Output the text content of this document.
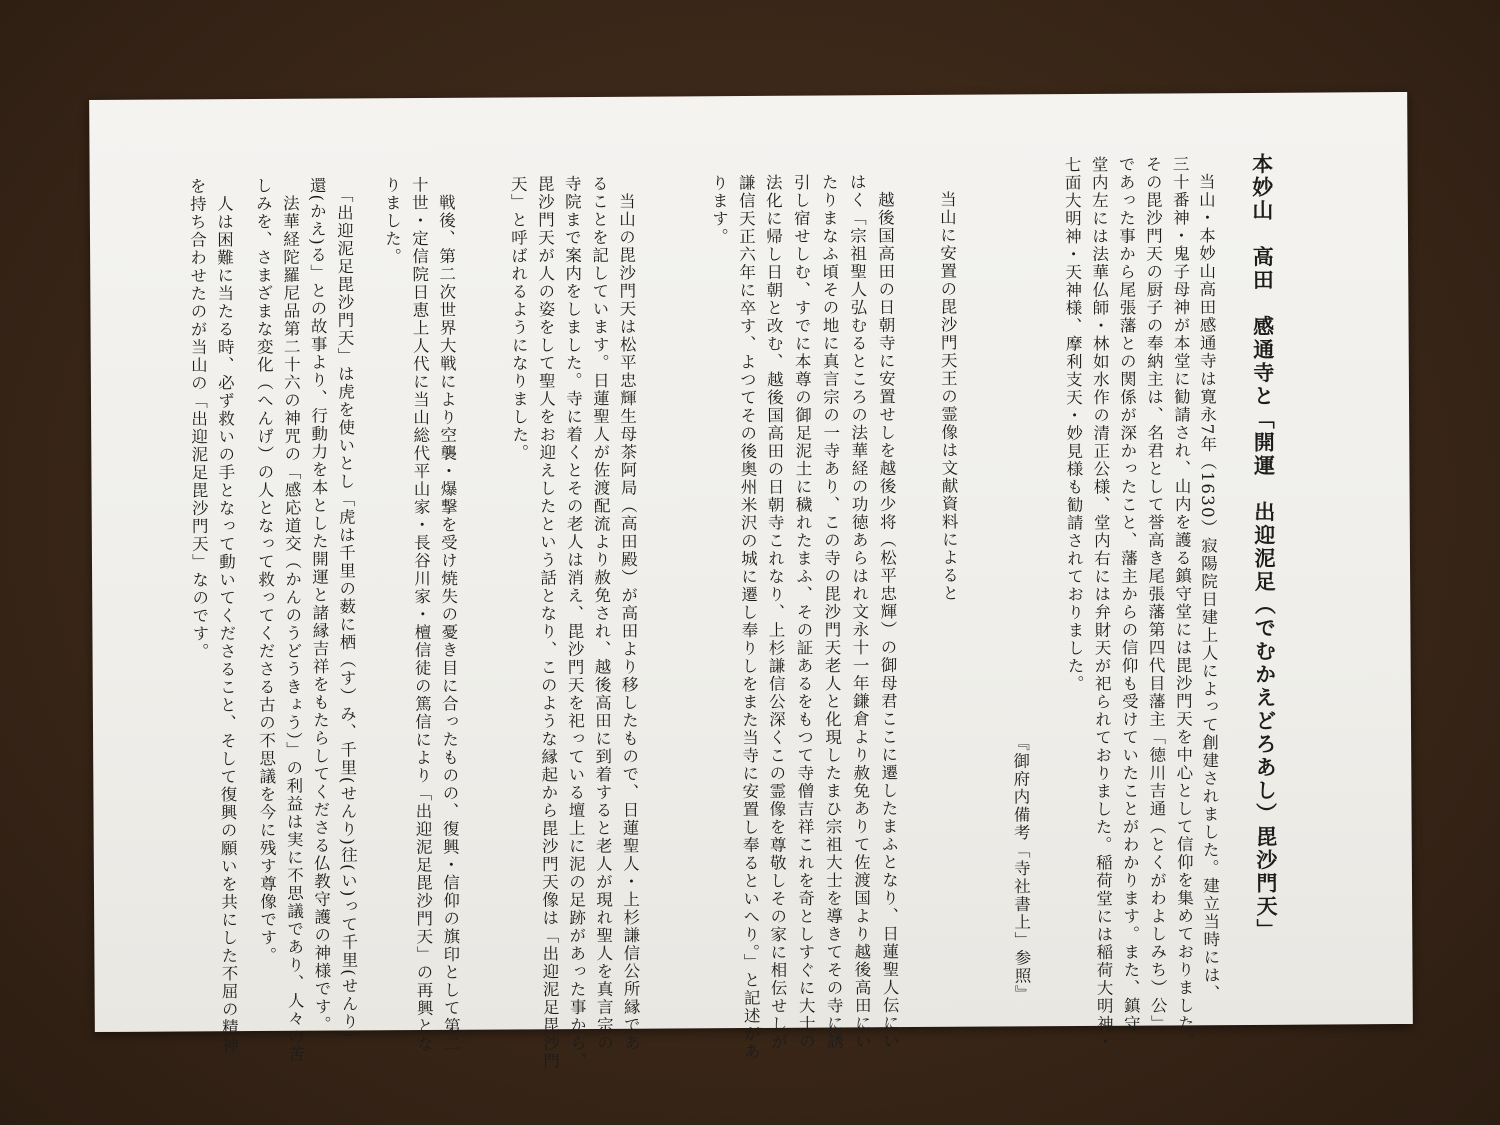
本妙山　高田　感通寺と「開運　出迎泥足（でむかえどろあし）毘沙門天」
　当山・本妙山高田感通寺は寛永7年（1630）寂陽院日建上人によって創建されました。建立当時には、
三十番神・鬼子母神が本堂に勧請され、山内を護る鎮守堂には毘沙門天を中心として信仰を集めておりました。
その毘沙門天の厨子の奉納主は、名君として誉高き尾張藩第四代目藩主「徳川吉通（とくがわよしみち）公」
であった事から尾張藩との関係が深かったこと、藩主からの信仰も受けていたことがわかります。また、鎮守
堂内左には法華仏師・林如水作の清正公様、堂内右には弁財天が祀られておりました。稲荷堂には稲荷大明神・
七面大明神・天神様、摩利支天・妙見様も勧請されておりました。
『御府内備考「寺社書上」参照』
　当山に安置の毘沙門天王の霊像は文献資料によると
　越後国高田の日朝寺に安置せしを越後少将（松平忠輝）の御母君ここに遷したまふとなり、日蓮聖人伝にい
はく「宗祖聖人弘むるところの法華経の功徳あらはれ文永十一年鎌倉より赦免ありて佐渡国より越後高田にい
たりまなふ頃その地に真言宗の一寺あり、この寺の毘沙門天老人と化現したまひ宗祖大士を導きてその寺に誘
引し宿せしむ、すでに本尊の御足泥土に穢れたまふ、その証あるをもつて寺僧吉祥これを奇としすぐに大士の
法化に帰し日朝と改む、越後国高田の日朝寺これなり、上杉謙信公深くこの霊像を尊敬しその家に相伝せしが
謙信天正六年に卒す、よつてその後奥州米沢の城に遷し奉りしをまた当寺に安置し奉るといへり。」と記述があ
ります。
　当山の毘沙門天は松平忠輝生母茶阿局（高田殿）が高田より移したもので、日蓮聖人・上杉謙信公所縁であ
ることを記しています。日蓮聖人が佐渡配流より赦免され、越後高田に到着すると老人が現れ聖人を真言宗の
寺院まで案内をしました。寺に着くとその老人は消え、毘沙門天を祀っている壇上に泥の足跡があった事から、
毘沙門天が人の姿をして聖人をお迎えしたという話となり、このような縁起から毘沙門天像は「出迎泥足毘沙門
天」と呼ばれるようになりました。
　戦後、第二次世界大戦により空襲・爆撃を受け焼失の憂き目に合ったものの、復興・信仰の旗印として第二
十世・定信院日恵上人代に当山総代平山家・長谷川家・檀信徒の篤信により「出迎泥足毘沙門天」の再興とな
りました。
　「出迎泥足毘沙門天」は虎を使いとし「虎は千里の薮に栖（す）み、千里(せんり)往(い)って千里(せんり)
還(かえ)る」との故事より、行動力を本とした開運と諸縁吉祥をもたらしてくださる仏教守護の神様です。
　法華経陀羅尼品第二十六の神咒の「感応道交（かんのうどうきょう）」の利益は実に不思議であり、人々の苦
しみを、さまざまな変化（へんげ）の人となって救ってくださる古の不思議を今に残す尊像です。
　人は困難に当たる時、必ず救いの手となって動いてくださること、そして復興の願いを共にした不屈の精神
を持ち合わせたのが当山の「出迎泥足毘沙門天」なのです。
